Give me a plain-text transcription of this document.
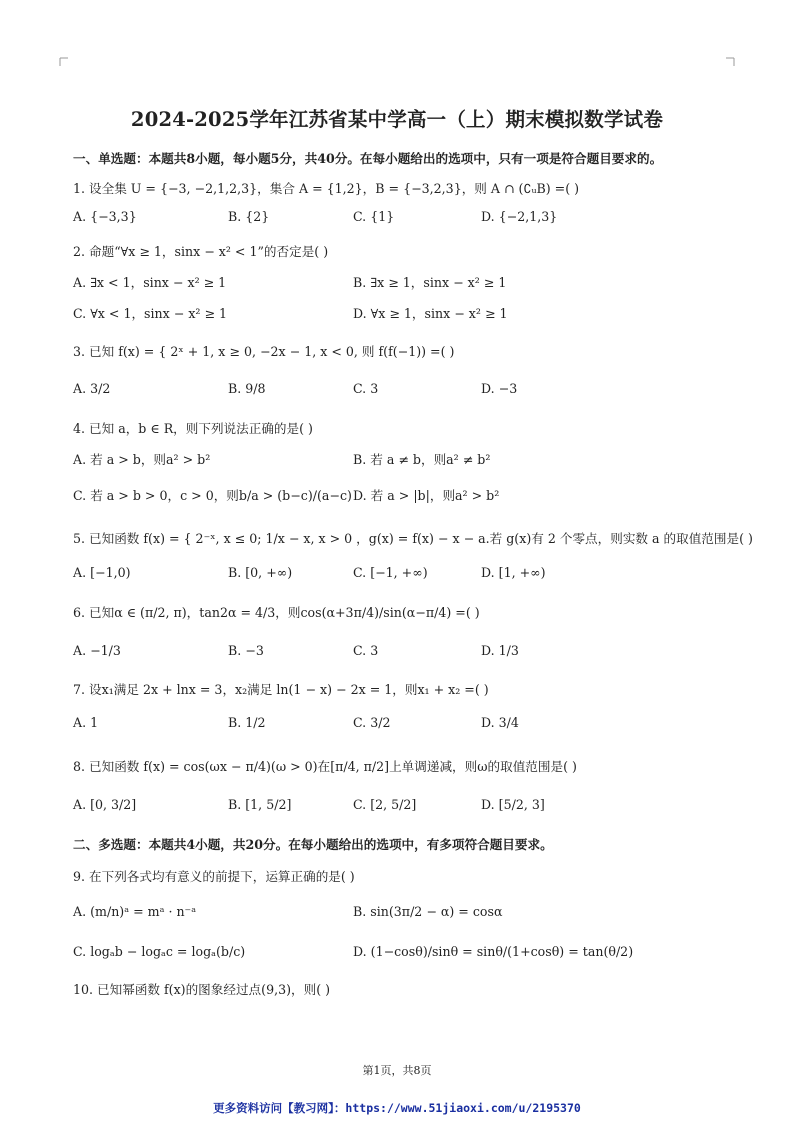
2024-2025学年江苏省某中学高一（上）期末模拟数学试卷
一、单选题：本题共8小题，每小题5分，共40分。在每小题给出的选项中，只有一项是符合题目要求的。
1. 设全集 U = {−3, −2,1,2,3}，集合 A = {1,2}，B = {−3,2,3}，则 A ∩ (∁ᵤB) =( )
A. {−3,3}	B. {2}	C. {1}	D. {−2,1,3}
2. 命题“∀x ≥ 1，sinx − x² < 1”的否定是( )
A. ∃x < 1，sinx − x² ≥ 1	B. ∃x ≥ 1，sinx − x² ≥ 1
C. ∀x < 1，sinx − x² ≥ 1	D. ∀x ≥ 1，sinx − x² ≥ 1
3. 已知 f(x) = { 2ˣ + 1, x ≥ 0, −2x − 1, x < 0, 则 f(f(−1)) =( )
A. 3/2	B. 9/8	C. 3	D. −3
4. 已知 a，b ∈ R，则下列说法正确的是( )
A. 若 a > b，则a² > b²	B. 若 a ≠ b，则a² ≠ b²
C. 若 a > b > 0，c > 0，则b/a > (b−c)/(a−c) D. 若 a > |b|，则a² > b²
5. 已知函数 f(x) = { 2⁻ˣ, x ≤ 0; 1/x − x, x > 0 ，g(x) = f(x) − x − a.若 g(x)有 2 个零点，则实数 a 的取值范围是( )
A. [−1,0)	B. [0, +∞)	C. [−1, +∞)	D. [1, +∞)
6. 已知α ∈ (π/2, π)，tan2α = 4/3，则cos(α+3π/4)/sin(α−π/4) =( )
A. −1/3	B. −3	C. 3	D. 1/3
7. 设x₁满足 2x + lnx = 3，x₂满足 ln(1 − x) − 2x = 1，则x₁ + x₂ =( )
A. 1	B. 1/2	C. 3/2	D. 3/4
8. 已知函数 f(x) = cos(ωx − π/4)(ω > 0)在[π/4, π/2]上单调递减，则ω的取值范围是( )
A. [0, 3/2]	B. [1, 5/2]	C. [2, 5/2]	D. [5/2, 3]
二、多选题：本题共4小题，共20分。在每小题给出的选项中，有多项符合题目要求。
9. 在下列各式均有意义的前提下，运算正确的是( )
A. (m/n)ᵃ = mᵃ · n⁻ᵃ	B. sin(3π/2 − α) = cosα
C. logₐb − logₐc = logₐ(b/c)	D. (1−cosθ)/sinθ = sinθ/(1+cosθ) = tan(θ/2)
10. 已知幂函数 f(x)的图象经过点(9,3)，则( )
第1页，共8页
更多资料访问【教习网】：https://www.51jiaoxi.com/u/2195370
